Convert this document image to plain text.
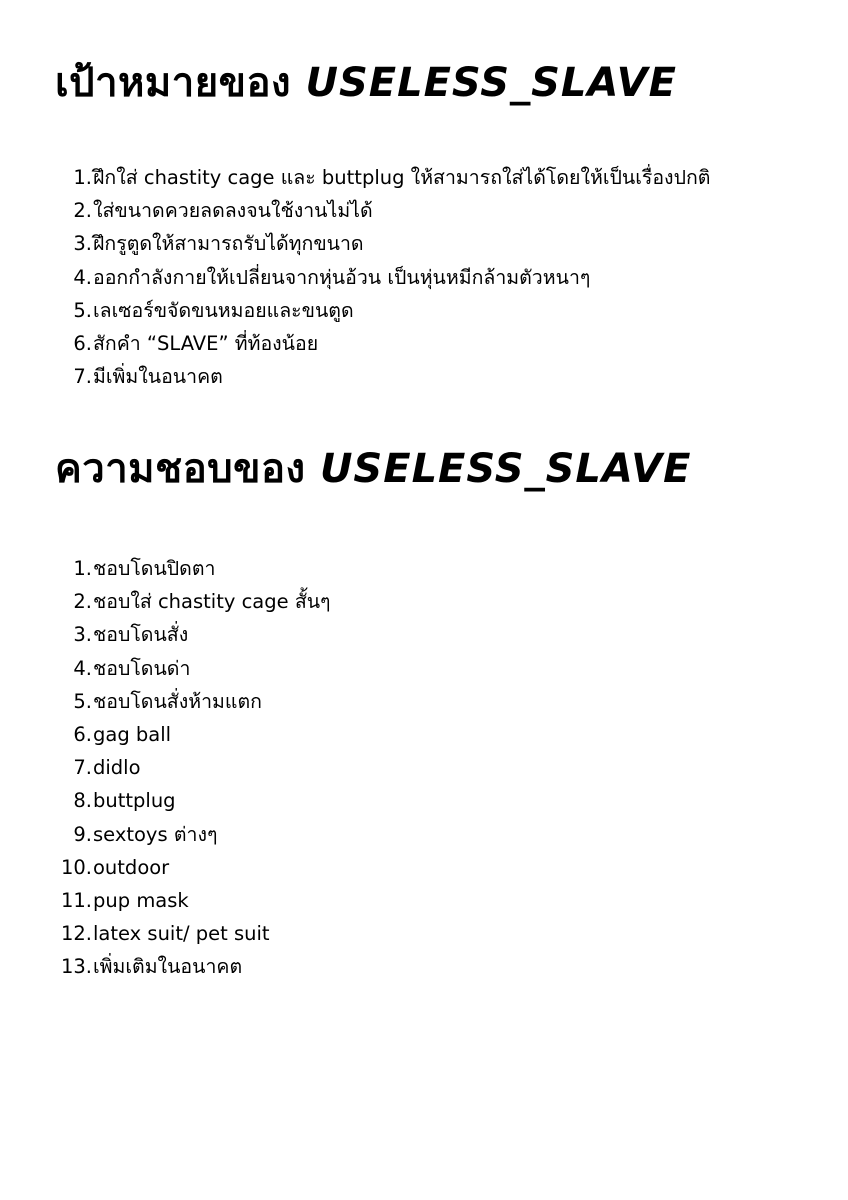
เป้าหมายของ USELESS_SLAVE
1. ฝึกใส่ chastity cage และ buttplug ให้สามารถใส่ได้โดยให้เป็นเรื่องปกติ
2. ใส่ขนาดควยลดลงจนใช้งานไม่ได้
3. ฝึกรูตูดให้สามารถรับได้ทุกขนาด
4. ออกกำลังกายให้เปลี่ยนจากหุ่นอ้วน เป็นหุ่นหมีกล้ามตัวหนาๆ
5. เลเซอร์ขจัดขนหมอยและขนตูด
6. สักคำ “SLAVE” ที่ท้องน้อย
7. มีเพิ่มในอนาคต
ความชอบของ USELESS_SLAVE
1. ชอบโดนปิดตา
2. ชอบใส่ chastity cage สั้นๆ
3. ชอบโดนสั่ง
4. ชอบโดนด่า
5. ชอบโดนสั่งห้ามแตก
6. gag ball
7. didlo
8. buttplug
9. sextoys ต่างๆ
10. outdoor
11. pup mask
12. latex suit/ pet suit
13. เพิ่มเติมในอนาคต
